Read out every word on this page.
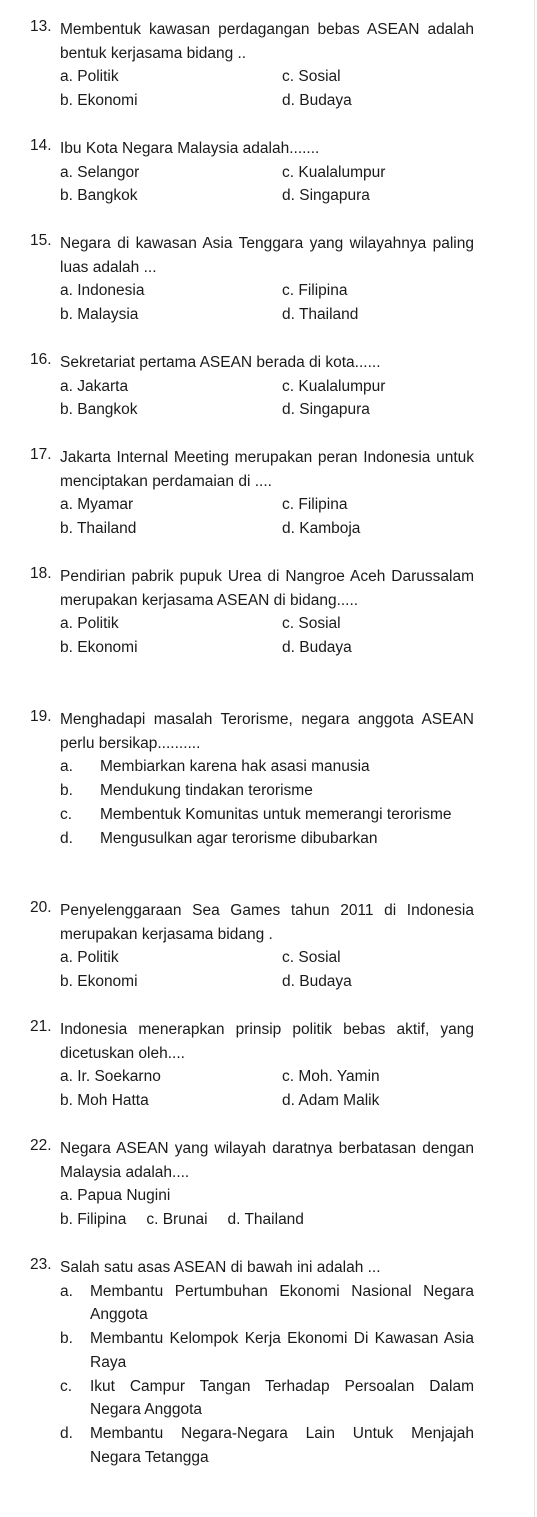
13. Membentuk kawasan perdagangan bebas ASEAN adalah bentuk kerjasama bidang ..
a. Politik	c. Sosial
b. Ekonomi	d. Budaya
14. Ibu Kota Negara Malaysia adalah.......
a. Selangor	c. Kualalumpur
b. Bangkok	d. Singapura
15. Negara di kawasan Asia Tenggara yang wilayahnya paling luas adalah ...
a. Indonesia	c. Filipina
b. Malaysia	d. Thailand
16. Sekretariat pertama ASEAN berada di kota......
a. Jakarta	c. Kualalumpur
b. Bangkok	d. Singapura
17. Jakarta Internal Meeting merupakan peran Indonesia untuk menciptakan perdamaian di ....
a. Myamar	c. Filipina
b. Thailand	d. Kamboja
18. Pendirian pabrik pupuk Urea di Nangroe Aceh Darussalam merupakan kerjasama ASEAN di bidang.....
a. Politik	c. Sosial
b. Ekonomi	d. Budaya
19. Menghadapi masalah Terorisme, negara anggota ASEAN perlu bersikap..........
a.	Membiarkan karena hak asasi manusia
b.	Mendukung tindakan terorisme
c.	Membentuk Komunitas untuk memerangi terorisme
d.	Mengusulkan agar terorisme dibubarkan
20. Penyelenggaraan Sea Games tahun 2011 di Indonesia merupakan kerjasama bidang .
a. Politik	c. Sosial
b. Ekonomi	d. Budaya
21. Indonesia menerapkan prinsip politik bebas aktif, yang dicetuskan oleh....
a. Ir. Soekarno	c. Moh. Yamin
b. Moh Hatta	d. Adam Malik
22. Negara ASEAN yang wilayah daratnya berbatasan dengan Malaysia adalah....
a. Papua Nugini
b. Filipina c. Brunai d. Thailand
23. Salah satu asas ASEAN di bawah ini adalah ...
a.	Membantu Pertumbuhan Ekonomi Nasional Negara Anggota
b.	Membantu Kelompok Kerja Ekonomi Di Kawasan Asia Raya
c.	Ikut Campur Tangan Terhadap Persoalan Dalam Negara Anggota
d.	Membantu Negara-Negara Lain Untuk Menjajah Negara Tetangga
